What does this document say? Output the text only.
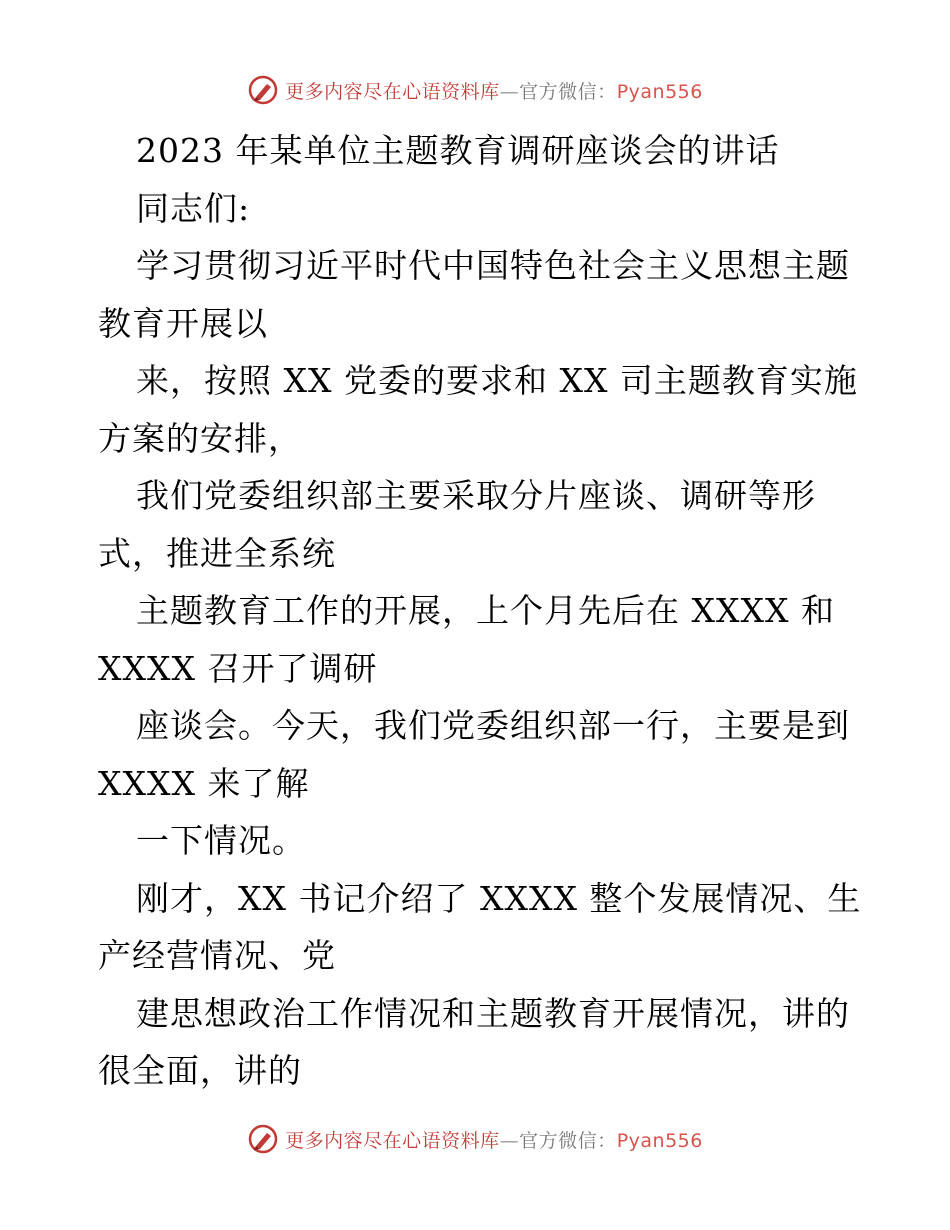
更多内容尽在心语资料库—官方微信：Pyan556
2023 年某单位主题教育调研座谈会的讲话
同志们:
学习贯彻习近平时代中国特色社会主义思想主题
教育开展以
来，按照 XX 党委的要求和 XX 司主题教育实施
方案的安排，
我们党委组织部主要采取分片座谈、调研等形
式，推进全系统
主题教育工作的开展，上个月先后在 XXXX 和
XXXX 召开了调研
座谈会。今天，我们党委组织部一行，主要是到
XXXX 来了解
一下情况。
刚才，XX 书记介绍了 XXXX 整个发展情况、生
产经营情况、党
建思想政治工作情况和主题教育开展情况，讲的
很全面，讲的
更多内容尽在心语资料库—官方微信：Pyan556
